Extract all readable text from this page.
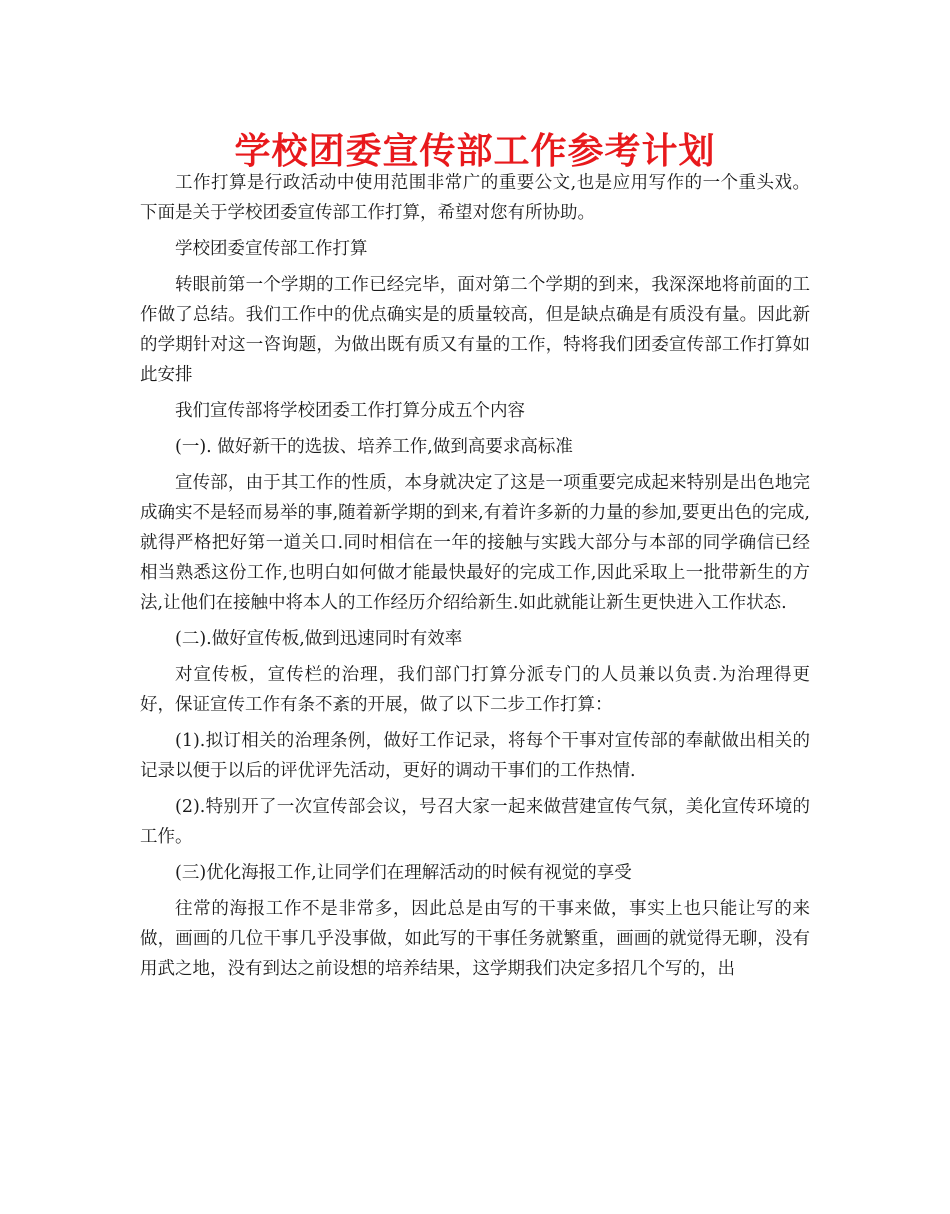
学校团委宣传部工作参考计划

工作打算是行政活动中使用范围非常广的重要公文,也是应用写作的一个重头戏。下面是关于学校团委宣传部工作打算，希望对您有所协助。

学校团委宣传部工作打算

转眼前第一个学期的工作已经完毕，面对第二个学期的到来，我深深地将前面的工作做了总结。我们工作中的优点确实是的质量较高，但是缺点确是有质没有量。因此新的学期针对这一咨询题，为做出既有质又有量的工作，特将我们团委宣传部工作打算如此安排

我们宣传部将学校团委工作打算分成五个内容

(一). 做好新干的选拔、培养工作,做到高要求高标准

宣传部，由于其工作的性质，本身就决定了这是一项重要完成起来特别是出色地完成确实不是轻而易举的事,随着新学期的到来,有着许多新的力量的参加,要更出色的完成,就得严格把好第一道关口.同时相信在一年的接触与实践大部分与本部的同学确信已经相当熟悉这份工作,也明白如何做才能最快最好的完成工作,因此采取上一批带新生的方法,让他们在接触中将本人的工作经历介绍给新生.如此就能让新生更快进入工作状态.

(二).做好宣传板,做到迅速同时有效率

对宣传板，宣传栏的治理，我们部门打算分派专门的人员兼以负责.为治理得更好，保证宣传工作有条不紊的开展，做了以下二步工作打算：

(1).拟订相关的治理条例，做好工作记录，将每个干事对宣传部的奉献做出相关的记录以便于以后的评优评先活动，更好的调动干事们的工作热情.

(2).特别开了一次宣传部会议，号召大家一起来做营建宣传气氛，美化宣传环境的工作。

(三)优化海报工作,让同学们在理解活动的时候有视觉的享受

往常的海报工作不是非常多，因此总是由写的干事来做，事实上也只能让写的来做，画画的几位干事几乎没事做，如此写的干事任务就繁重，画画的就觉得无聊，没有用武之地，没有到达之前设想的培养结果，这学期我们决定多招几个写的，出
